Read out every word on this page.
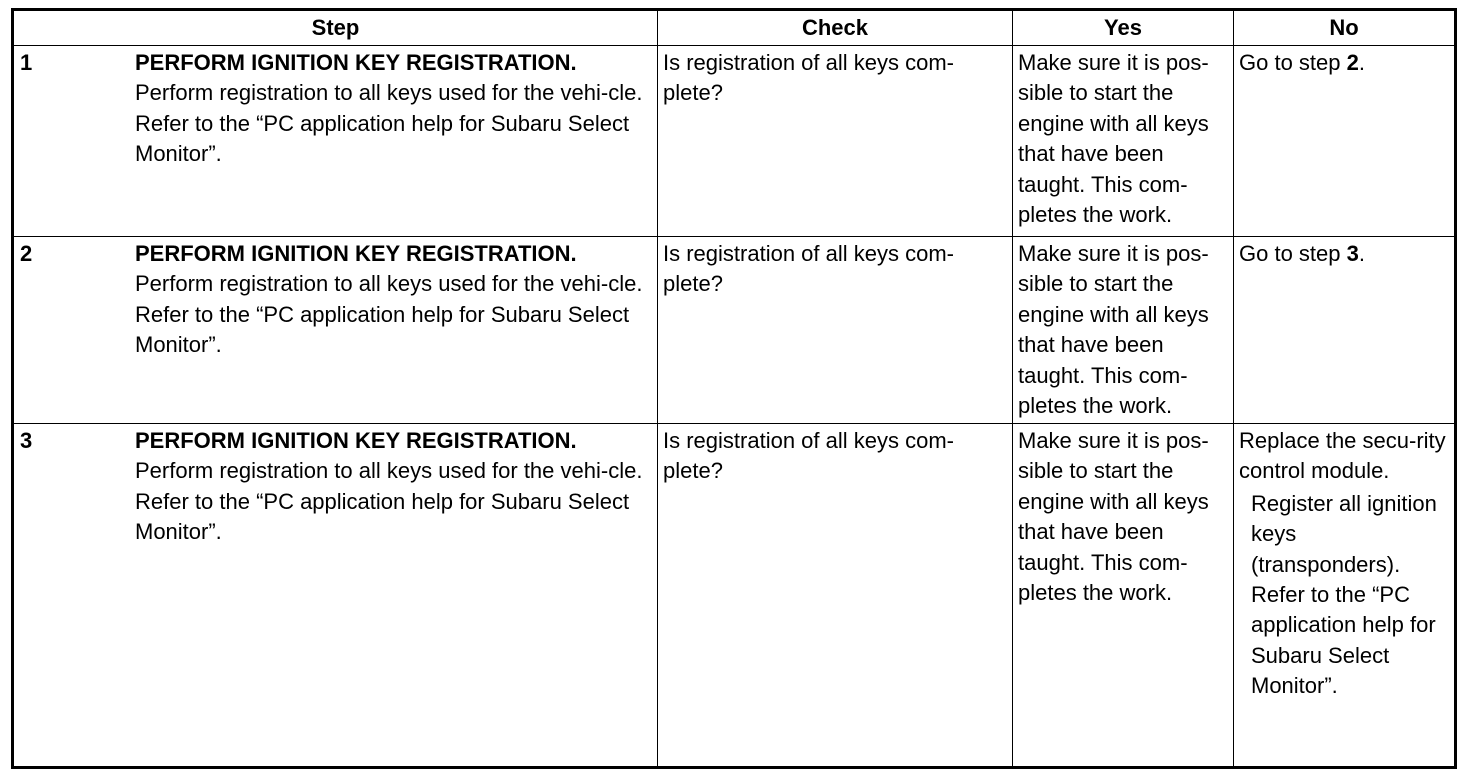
Step	Check	Yes	No

1 PERFORM IGNITION KEY REGISTRATION.
Perform registration to all keys used for the vehi-cle. Refer to the “PC application help for Subaru Select Monitor”.	Is registration of all keys com-plete?	Make sure it is pos-sible to start the engine with all keys that have been taught. This com-pletes the work.	Go to step 2.

2 PERFORM IGNITION KEY REGISTRATION.
Perform registration to all keys used for the vehi-cle. Refer to the “PC application help for Subaru Select Monitor”.	Is registration of all keys com-plete?	Make sure it is pos-sible to start the engine with all keys that have been taught. This com-pletes the work.	Go to step 3.

3 PERFORM IGNITION KEY REGISTRATION.
Perform registration to all keys used for the vehi-cle. Refer to the “PC application help for Subaru Select Monitor”.	Is registration of all keys com-plete?	Make sure it is pos-sible to start the engine with all keys that have been taught. This com-pletes the work.	Replace the secu-rity control module.
Register all ignition keys (transponders). Refer to the “PC application help for Subaru Select Monitor”.
